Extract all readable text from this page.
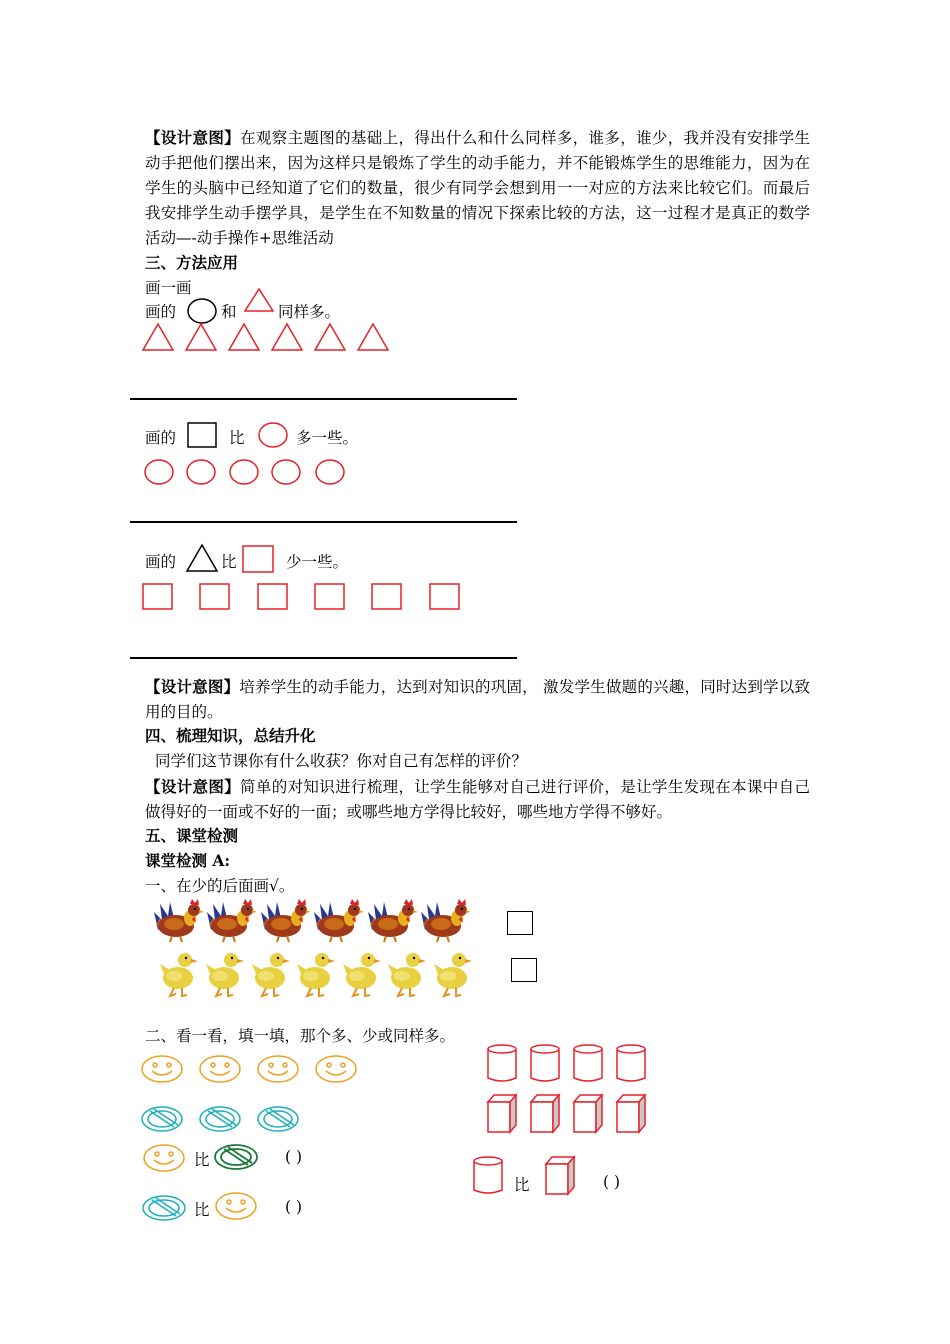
【设计意图】在观察主题图的基础上，得出什么和什么同样多，谁多，谁少，我并没有安排学生动手把他们摆出来，因为这样只是锻炼了学生的动手能力，并不能锻炼学生的思维能力，因为在学生的头脑中已经知道了它们的数量，很少有同学会想到用一一对应的方法来比较它们。而最后我安排学生动手摆学具，是学生在不知数量的情况下探索比较的方法，这一过程才是真正的数学活动—-动手操作+思维活动
三、方法应用
画一画
画的	和	同样多。
画的	比	多一些。
画的	比	少一些。
【设计意图】培养学生的动手能力，达到对知识的巩固， 激发学生做题的兴趣，同时达到学以致用的目的。
四、梳理知识，总结升化
同学们这节课你有什么收获？你对自己有怎样的评价？
【设计意图】简单的对知识进行梳理，让学生能够对自己进行评价，是让学生发现在本课中自己做得好的一面或不好的一面；或哪些地方学得比较好，哪些地方学得不够好。
五、课堂检测
课堂检测 A:
一、在少的后面画√。
二、看一看，填一填，那个多、少或同样多。
比	( )
比	( )
比	( )
